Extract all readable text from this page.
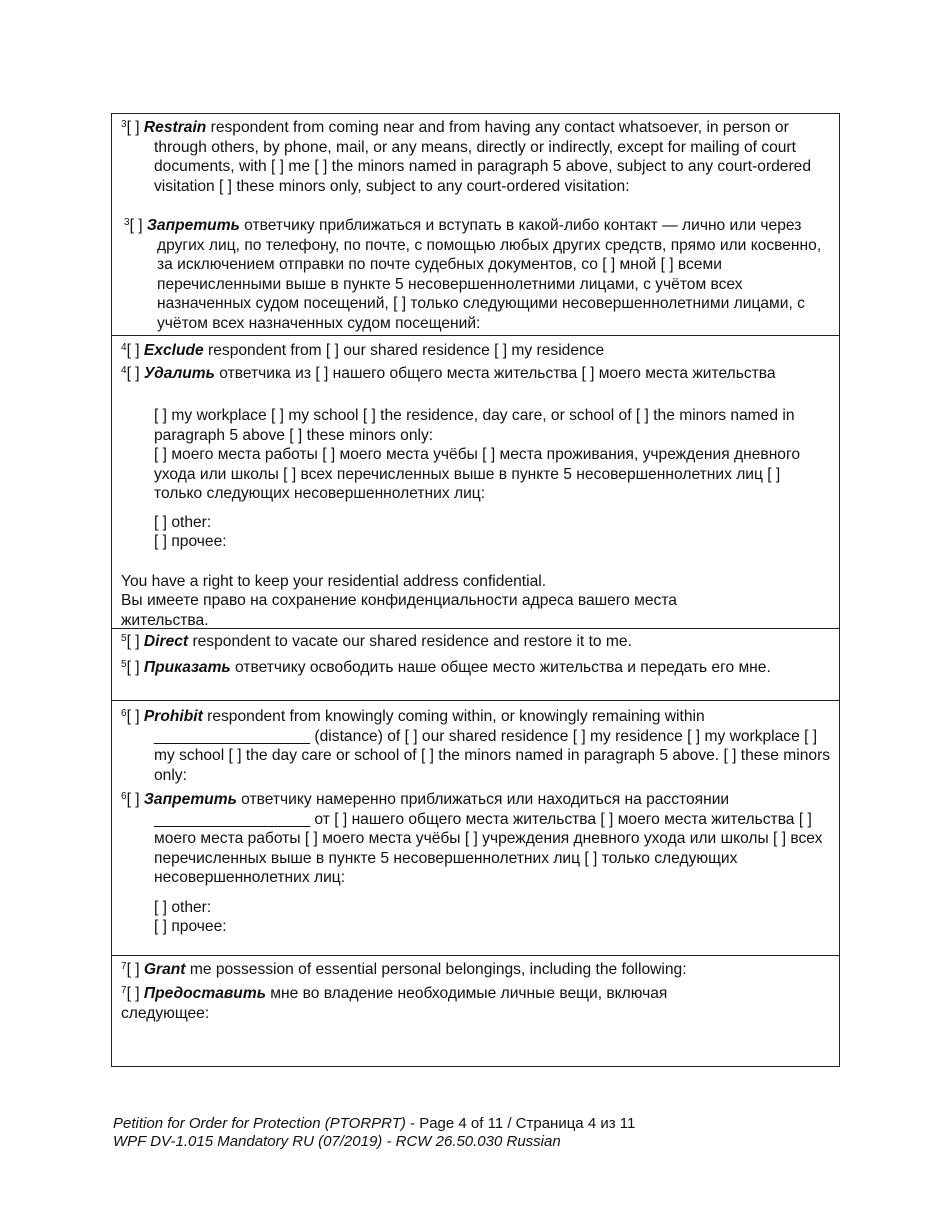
$^3$[ ] Restrain respondent from coming near and from having any contact whatsoever, in person or through others, by phone, mail, or any means, directly or indirectly, except for mailing of court documents, with [ ] me [ ] the minors named in paragraph 5 above, subject to any court-ordered visitation [ ] these minors only, subject to any court-ordered visitation:
$^3$[ ] Запретить ответчику приближаться и вступать в какой-либо контакт — лично или через других лиц, по телефону, по почте, с помощью любых других средств, прямо или косвенно, за исключением отправки по почте судебных документов, со [ ] мной [ ] всеми перечисленными выше в пункте 5 несовершеннолетними лицами, с учётом всех назначенных судом посещений, [ ] только следующими несовершеннолетними лицами, с учётом всех назначенных судом посещений:
$^4$[ ] Exclude respondent from [ ] our shared residence [ ] my residence
$^4$[ ] Удалить ответчика из [ ] нашего общего места жительства [ ] моего места жительства
[ ] my workplace [ ] my school [ ] the residence, day care, or school of [ ] the minors named in paragraph 5 above [ ] these minors only:
[ ] моего места работы [ ] моего места учёбы [ ] места проживания, учреждения дневного ухода или школы [ ] всех перечисленных выше в пункте 5 несовершеннолетних лиц [ ] только следующих несовершеннолетних лиц:
[ ] other:
[ ] прочее:
You have a right to keep your residential address confidential.
Вы имеете право на сохранение конфиденциальности адреса вашего места жительства.
$^5$[ ] Direct respondent to vacate our shared residence and restore it to me.
$^5$[ ] Приказать ответчику освободить наше общее место жительства и передать его мне.
$^6$[ ] Prohibit respondent from knowingly coming within, or knowingly remaining within __________________ (distance) of [ ] our shared residence [ ] my residence [ ] my workplace [ ] my school [ ] the day care or school of [ ] the minors named in paragraph 5 above. [ ] these minors only:
$^6$[ ] Запретить ответчику намеренно приближаться или находиться на расстоянии __________________ от [ ] нашего общего места жительства [ ] моего места жительства [ ] моего места работы [ ] моего места учёбы [ ] учреждения дневного ухода или школы [ ] всех перечисленных выше в пункте 5 несовершеннолетних лиц [ ] только следующих несовершеннолетних лиц:
[ ] other:
[ ] прочее:
$^7$[ ] Grant me possession of essential personal belongings, including the following:
$^7$[ ] Предоставить мне во владение необходимые личные вещи, включая следующее:
Petition for Order for Protection (PTORPRT) - Page 4 of 11 / Страница 4 из 11
WPF DV-1.015 Mandatory RU (07/2019) - RCW 26.50.030 Russian
